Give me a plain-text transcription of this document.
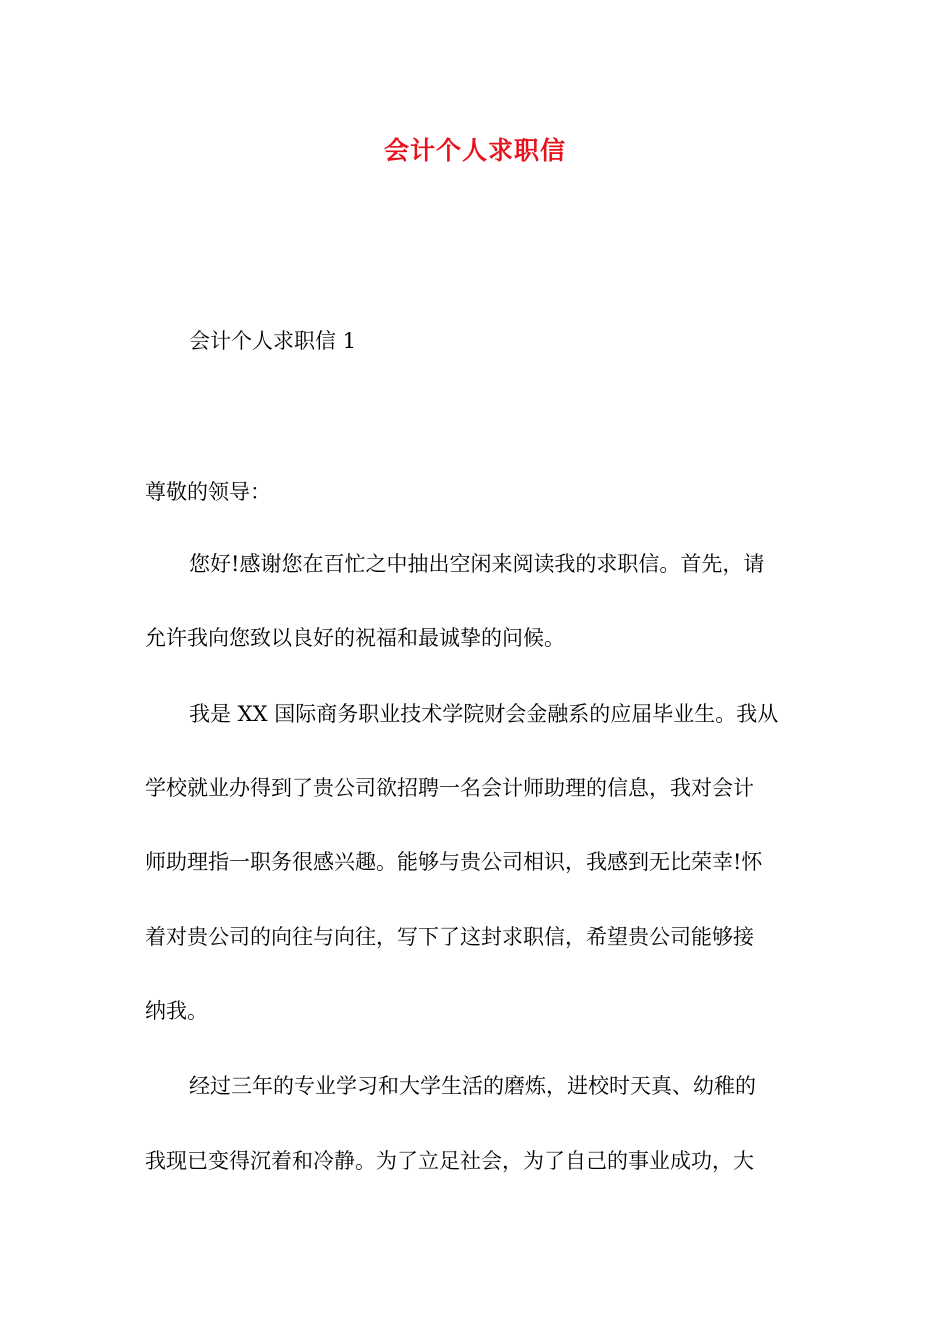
会计个人求职信
会计个人求职信 1
尊敬的领导：
您好!感谢您在百忙之中抽出空闲来阅读我的求职信。首先，请
允许我向您致以良好的祝福和最诚挚的问候。
我是 XX 国际商务职业技术学院财会金融系的应届毕业生。我从
学校就业办得到了贵公司欲招聘一名会计师助理的信息，我对会计
师助理指一职务很感兴趣。能够与贵公司相识，我感到无比荣幸!怀
着对贵公司的向往与向往，写下了这封求职信，希望贵公司能够接
纳我。
经过三年的专业学习和大学生活的磨炼，进校时天真、幼稚的
我现已变得沉着和冷静。为了立足社会，为了自己的事业成功，大
